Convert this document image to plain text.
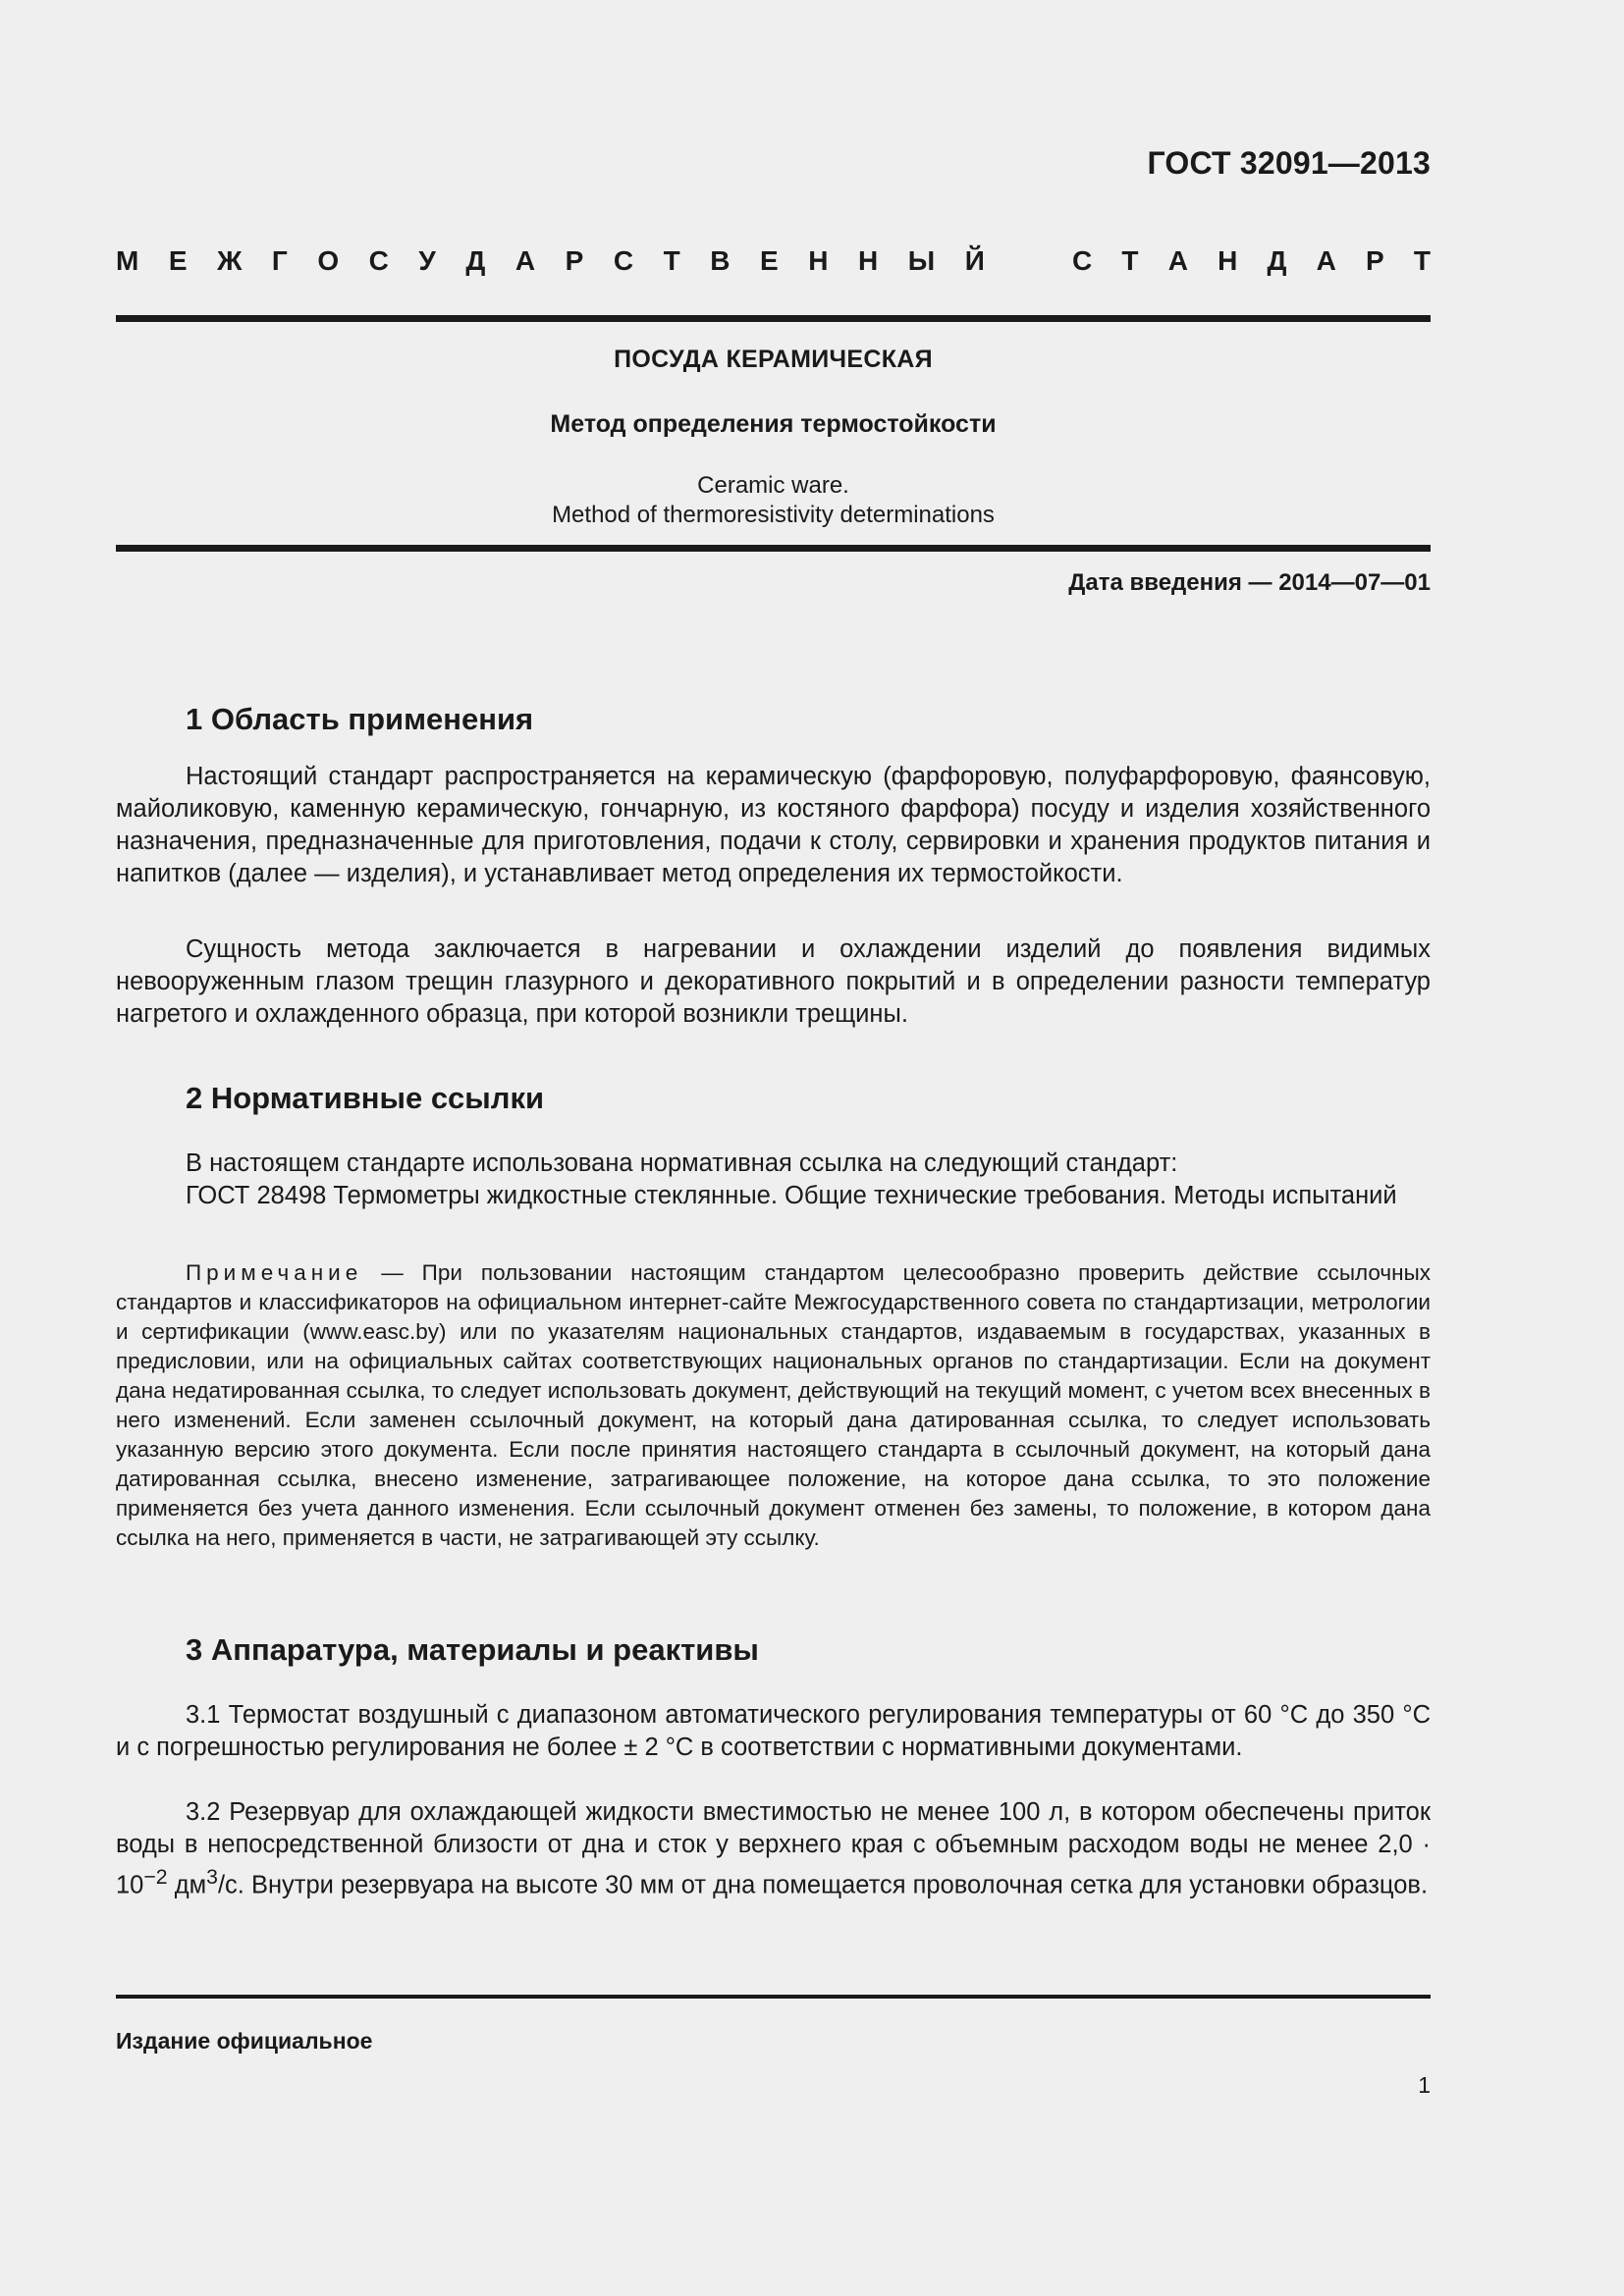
ГОСТ 32091—2013
М Е Ж Г О С У Д А Р С Т В Е Н Н Ы Й	С Т А Н Д А Р Т
ПОСУДА КЕРАМИЧЕСКАЯ
Метод определения термостойкости
Ceramic ware.
Method of thermoresistivity determinations
Дата введения — 2014—07—01
1 Область применения

Настоящий стандарт распространяется на керамическую (фарфоровую, полуфарфоровую, фаянсовую, майоликовую, каменную керамическую, гончарную, из костяного фарфора) посуду и изделия хозяйственного назначения, предназначенные для приготовления, подачи к столу, сервировки и хранения продуктов питания и напитков (далее — изделия), и устанавливает метод определения их термостойкости.

Сущность метода заключается в нагревании и охлаждении изделий до появления видимых невооруженным глазом трещин глазурного и декоративного покрытий и в определении разности температур нагретого и охлажденного образца, при которой возникли трещины.

2 Нормативные ссылки

В настоящем стандарте использована нормативная ссылка на следующий стандарт:

ГОСТ 28498 Термометры жидкостные стеклянные. Общие технические требования. Методы испытаний

Примечание — При пользовании настоящим стандартом целесообразно проверить действие ссылочных стандартов и классификаторов на официальном интернет-сайте Межгосударственного совета по стандартизации, метрологии и сертификации (www.easc.by) или по указателям национальных стандартов, издаваемым в государствах, указанных в предисловии, или на официальных сайтах соответствующих национальных органов по стандартизации. Если на документ дана недатированная ссылка, то следует использовать документ, действующий на текущий момент, с учетом всех внесенных в него изменений. Если заменен ссылочный документ, на который дана датированная ссылка, то следует использовать указанную версию этого документа. Если после принятия настоящего стандарта в ссылочный документ, на который дана датированная ссылка, внесено изменение, затрагивающее положение, на которое дана ссылка, то это положение применяется без учета данного изменения. Если ссылочный документ отменен без замены, то положение, в котором дана ссылка на него, применяется в части, не затрагивающей эту ссылку.

3 Аппаратура, материалы и реактивы

3.1 Термостат воздушный с диапазоном автоматического регулирования температуры от 60 °С до 350 °С и с погрешностью регулирования не более ± 2 °С в соответствии с нормативными документами.

3.2 Резервуар для охлаждающей жидкости вместимостью не менее 100 л, в котором обеспечены приток воды в непосредственной близости от дна и сток у верхнего края с объемным расходом воды не менее $2,0 \cdot 10^{-2}$ $дм^3/с$. Внутри резервуара на высоте 30 мм от дна помещается проволочная сетка для установки образцов.

Издание официальное
1
